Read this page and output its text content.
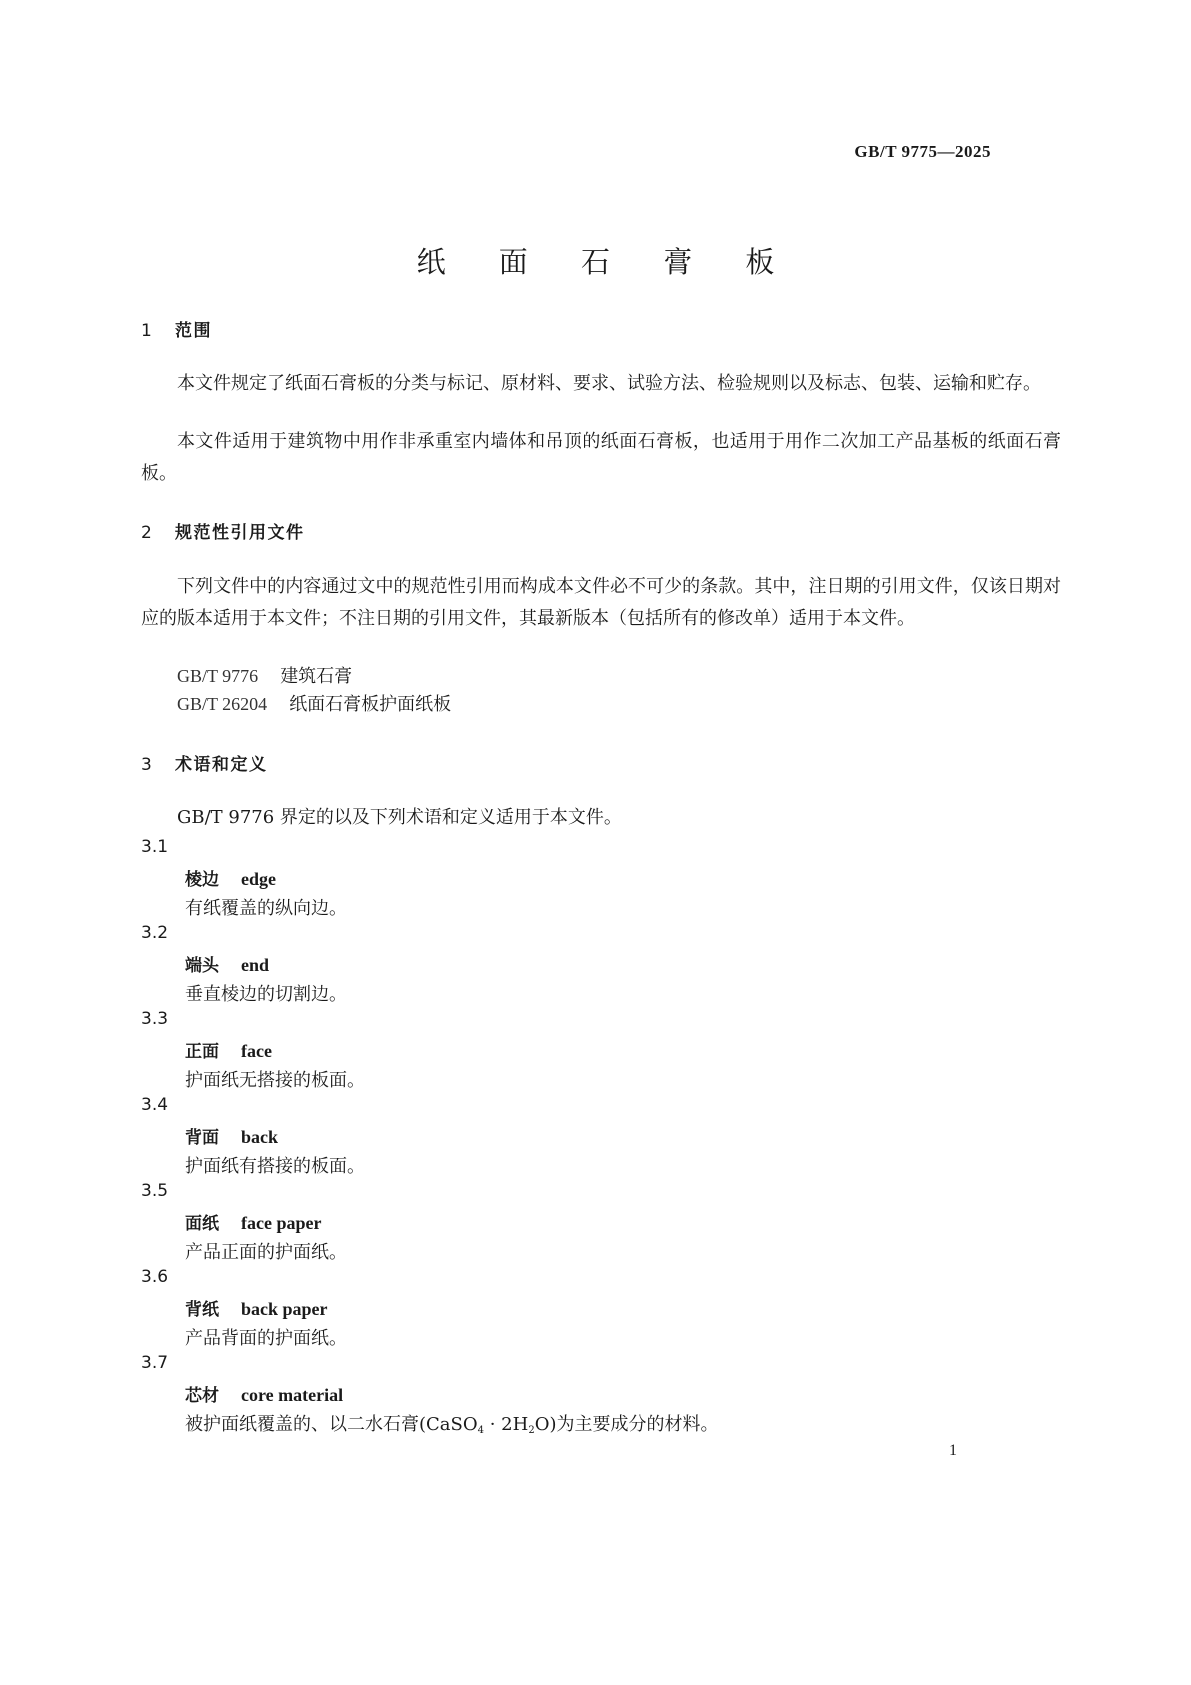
GB/T 9775—2025
纸 面 石 膏 板
1 范围
本文件规定了纸面石膏板的分类与标记、原材料、要求、试验方法、检验规则以及标志、包装、运输和贮存。
本文件适用于建筑物中用作非承重室内墙体和吊顶的纸面石膏板，也适用于用作二次加工产品基板的纸面石膏板。
2 规范性引用文件
下列文件中的内容通过文中的规范性引用而构成本文件必不可少的条款。其中，注日期的引用文件，仅该日期对应的版本适用于本文件；不注日期的引用文件，其最新版本（包括所有的修改单）适用于本文件。
GB/T 9776 建筑石膏
GB/T 26204 纸面石膏板护面纸板
3 术语和定义
GB/T 9776 界定的以及下列术语和定义适用于本文件。
3.1
棱边 edge
有纸覆盖的纵向边。
3.2
端头 end
垂直棱边的切割边。
3.3
正面 face
护面纸无搭接的板面。
3.4
背面 back
护面纸有搭接的板面。
3.5
面纸 face paper
产品正面的护面纸。
3.6
背纸 back paper
产品背面的护面纸。
3.7
芯材 core material
被护面纸覆盖的、以二水石膏(CaSO$_4$ · $2H_2O$)为主要成分的材料。
1
